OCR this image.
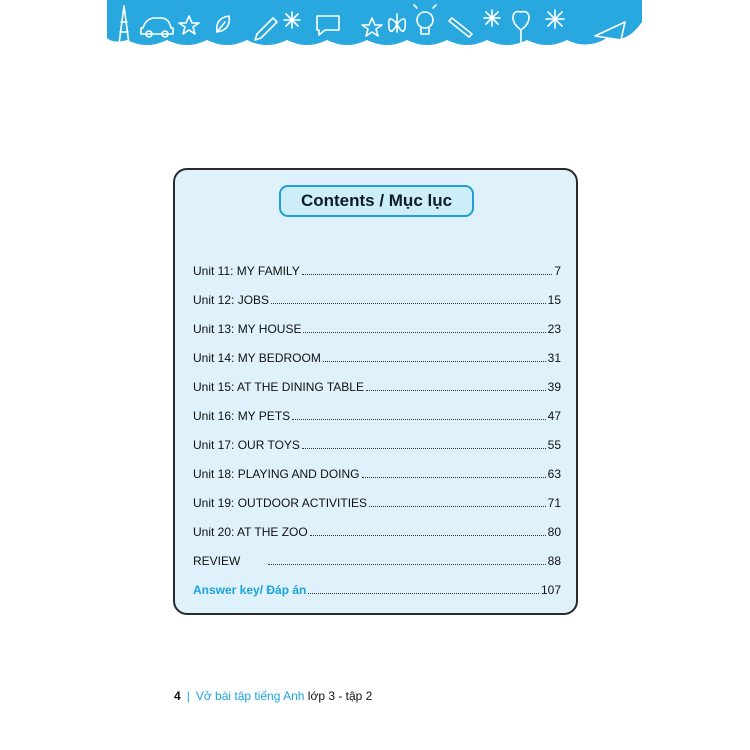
Contents / Mục lục
Unit 11: MY FAMILY	7
Unit 12: JOBS	15
Unit 13: MY HOUSE	23
Unit 14: MY BEDROOM	31
Unit 15: AT THE DINING TABLE	39
Unit 16: MY PETS	47
Unit 17: OUR TOYS	55
Unit 18: PLAYING AND DOING	63
Unit 19: OUTDOOR ACTIVITIES	71
Unit 20: AT THE ZOO	80
REVIEW	88
Answer key/ Đáp án	107
4 | Vở bài tập tiếng Anh lớp 3 - tập 2
